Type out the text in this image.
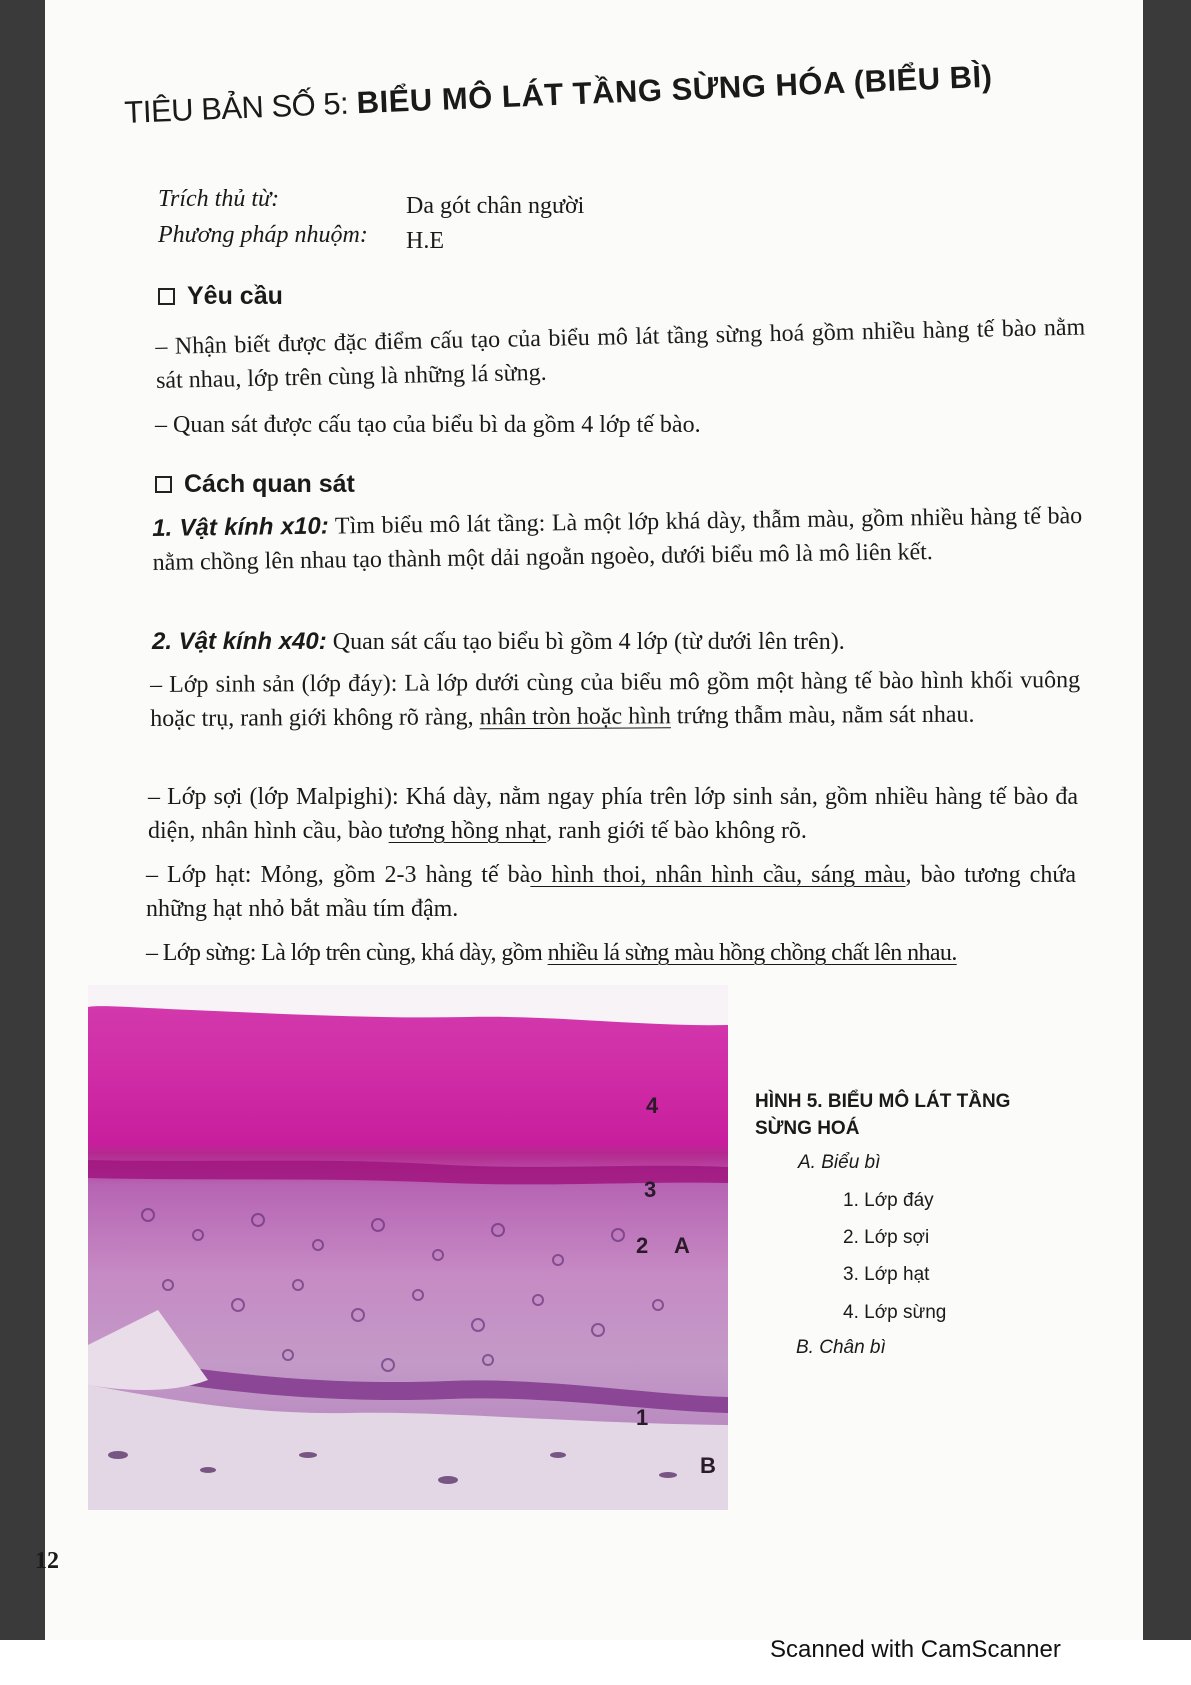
TIÊU BẢN SỐ 5: BIỂU MÔ LÁT TẦNG SỪNG HÓA (BIỂU BÌ)
Trích thủ từ:	Da gót chân người
Phương pháp nhuộm: H.E
Yêu cầu
– Nhận biết được đặc điểm cấu tạo của biểu mô lát tầng sừng hoá gồm nhiều hàng tế bào nằm sát nhau, lớp trên cùng là những lá sừng.
– Quan sát được cấu tạo của biểu bì da gồm 4 lớp tế bào.
Cách quan sát
1. Vật kính x10: Tìm biểu mô lát tầng: Là một lớp khá dày, thẫm màu, gồm nhiều hàng tế bào nằm chồng lên nhau tạo thành một dải ngoằn ngoèo, dưới biểu mô là mô liên kết.
2. Vật kính x40: Quan sát cấu tạo biểu bì gồm 4 lớp (từ dưới lên trên).
– Lớp sinh sản (lớp đáy): Là lớp dưới cùng của biểu mô gồm một hàng tế bào hình khối vuông hoặc trụ, ranh giới không rõ ràng, nhân tròn hoặc hình trứng thẫm màu, nằm sát nhau.
– Lớp sợi (lớp Malpighi): Khá dày, nằm ngay phía trên lớp sinh sản, gồm nhiều hàng tế bào đa diện, nhân hình cầu, bào tương hồng nhạt, ranh giới tế bào không rõ.
– Lớp hạt: Mỏng, gồm 2-3 hàng tế bào hình thoi, nhân hình cầu, sáng màu, bào tương chứa những hạt nhỏ bắt mầu tím đậm.
– Lớp sừng: Là lớp trên cùng, khá dày, gồm nhiều lá sừng màu hồng chồng chất lên nhau.
4
3
2 A
1
B
HÌNH 5. BIỂU MÔ LÁT TẦNG SỪNG HOÁ
A. Biểu bì
1. Lớp đáy
2. Lớp sợi
3. Lớp hạt
4. Lớp sừng
B. Chân bì
12
Scanned with CamScanner
